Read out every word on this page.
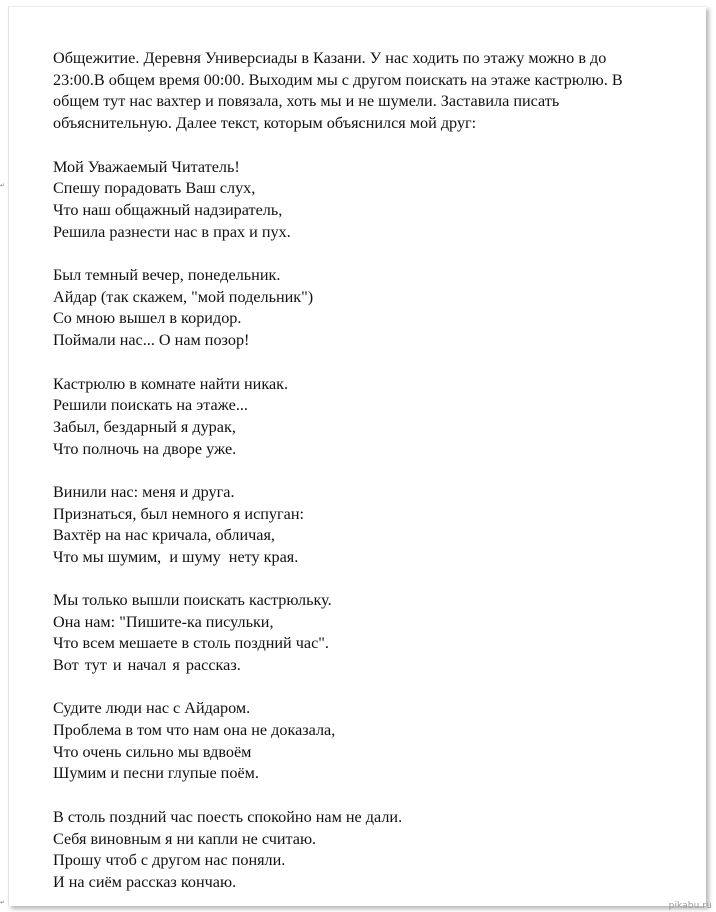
Общежитие. Деревня Универсиады в Казани. У нас ходить по этажу можно в до
23:00.В общем время 00:00. Выходим мы с другом поискать на этаже кастрюлю. В
общем тут нас вахтер и повязала, хоть мы и не шумели. Заставила писать
объяснительную. Далее текст, которым объяснился мой друг:
Мой Уважаемый Читатель!
Спешу порадовать Ваш слух,
Что наш общажный надзиратель,
Решила разнести нас в прах и пух.
Был темный вечер, понедельник.
Айдар (так скажем, "мой подельник")
Со мною вышел в коридор.
Поймали нас... О нам позор!
Кастрюлю в комнате найти никак.
Решили поискать на этаже...
Забыл, бездарный я дурак,
Что полночь на дворе уже.
Винили нас: меня и друга.
Признаться, был немного я испуган:
Вахтёр на нас кричала, обличая,
Что мы шумим,  и шуму  нету края.
Мы только вышли поискать кастрюльку.
Она нам: "Пишите-ка писульки,
Что всем мешаете в столь поздний час".
Вот тут и начал я рассказ.
Судите люди нас с Айдаром.
Проблема в том что нам она не доказала,
Что очень сильно мы вдвоём
Шумим и песни глупые поём.
В столь поздний час поесть спокойно нам не дали.
Себя виновным я ни капли не считаю.
Прошу чтоб с другом нас поняли.
И на сиём рассказ кончаю.
↵
↵	pikabu.ru
